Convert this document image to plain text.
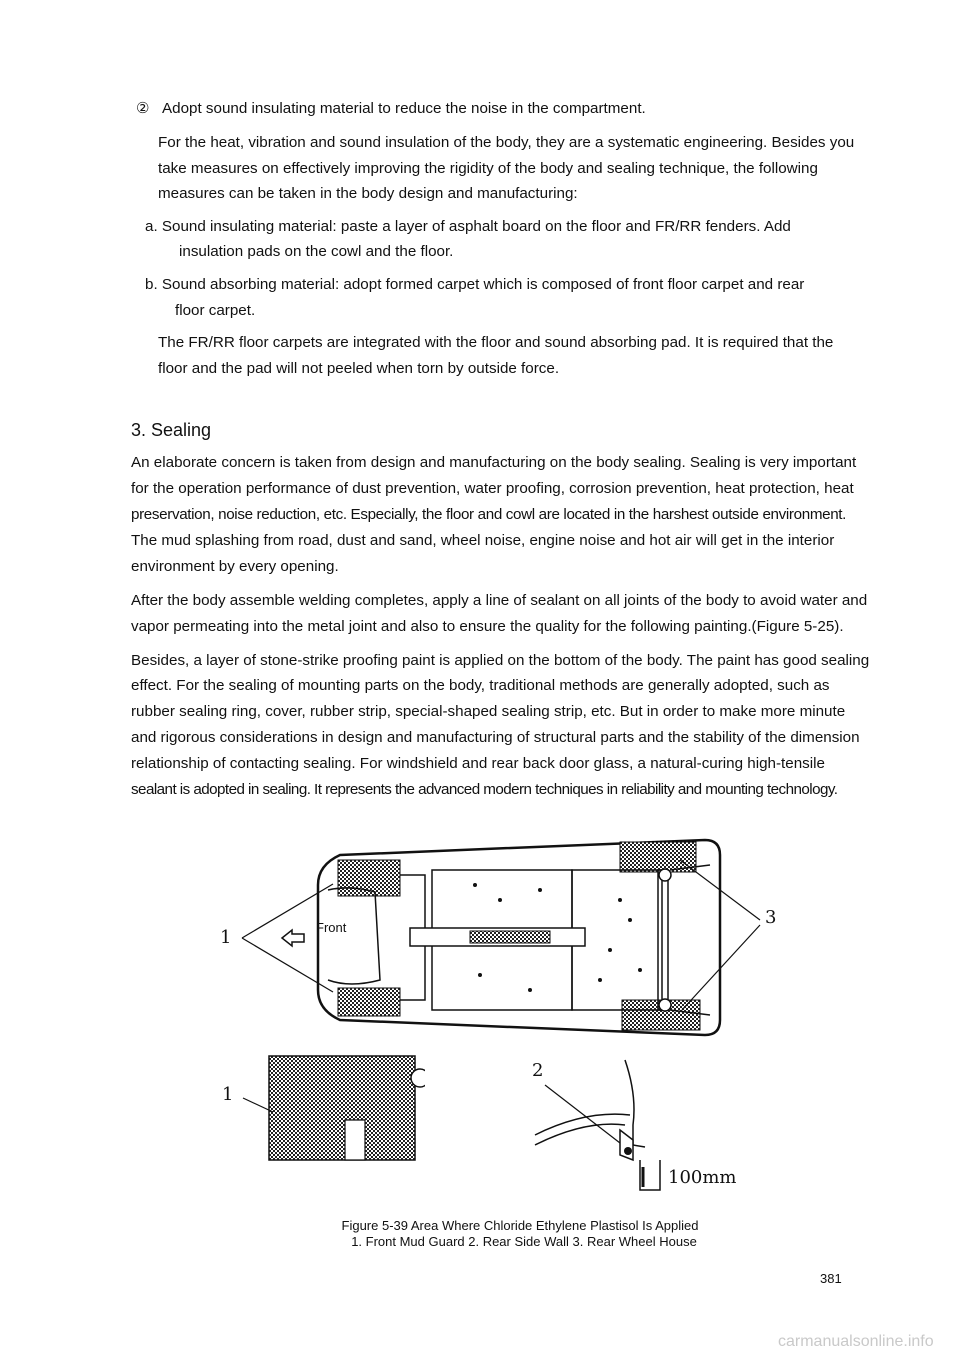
② Adopt sound insulating material to reduce the noise in the compartment.
For the heat, vibration and sound insulation of the body, they are a systematic engineering. Besides you
take measures on effectively improving the rigidity of the body and sealing technique, the following
measures can be taken in the body design and manufacturing:
a. Sound insulating material: paste a layer of asphalt board on the floor and FR/RR fenders. Add
insulation pads on the cowl and the floor.
b. Sound absorbing material: adopt formed carpet which is composed of front floor carpet and rear
floor carpet.
The FR/RR floor carpets are integrated with the floor and sound absorbing pad. It is required that the
floor and the pad will not peeled when torn by outside force.
3. Sealing
An elaborate concern is taken from design and manufacturing on the body sealing. Sealing is very important
for the operation performance of dust prevention, water proofing, corrosion prevention, heat protection, heat
preservation, noise reduction, etc. Especially, the floor and cowl are located in the harshest outside environment.
The mud splashing from road, dust and sand, wheel noise, engine noise and hot air will get in the interior
environment by every opening.
After the body assemble welding completes, apply a line of sealant on all joints of the body to avoid water and
vapor permeating into the metal joint and also to ensure the quality for the following painting.(Figure 5-25).
Besides, a layer of stone-strike proofing paint is applied on the bottom of the body. The paint has good sealing
effect. For the sealing of mounting parts on the body, traditional methods are generally adopted, such as
rubber sealing ring, cover, rubber strip, special-shaped sealing strip, etc. But in order to make more minute
and rigorous considerations in design and manufacturing of structural parts and the stability of the dimension
relationship of contacting sealing. For windshield and rear back door glass, a natural-curing high-tensile
sealant is adopted in sealing. It represents the advanced modern techniques in reliability and mounting technology.
1	Front	3
1
2
100mm
Figure 5-39 Area Where Chloride Ethylene Plastisol Is Applied
1. Front Mud Guard 2. Rear Side Wall 3. Rear Wheel House
381
carmanualsonline.info
